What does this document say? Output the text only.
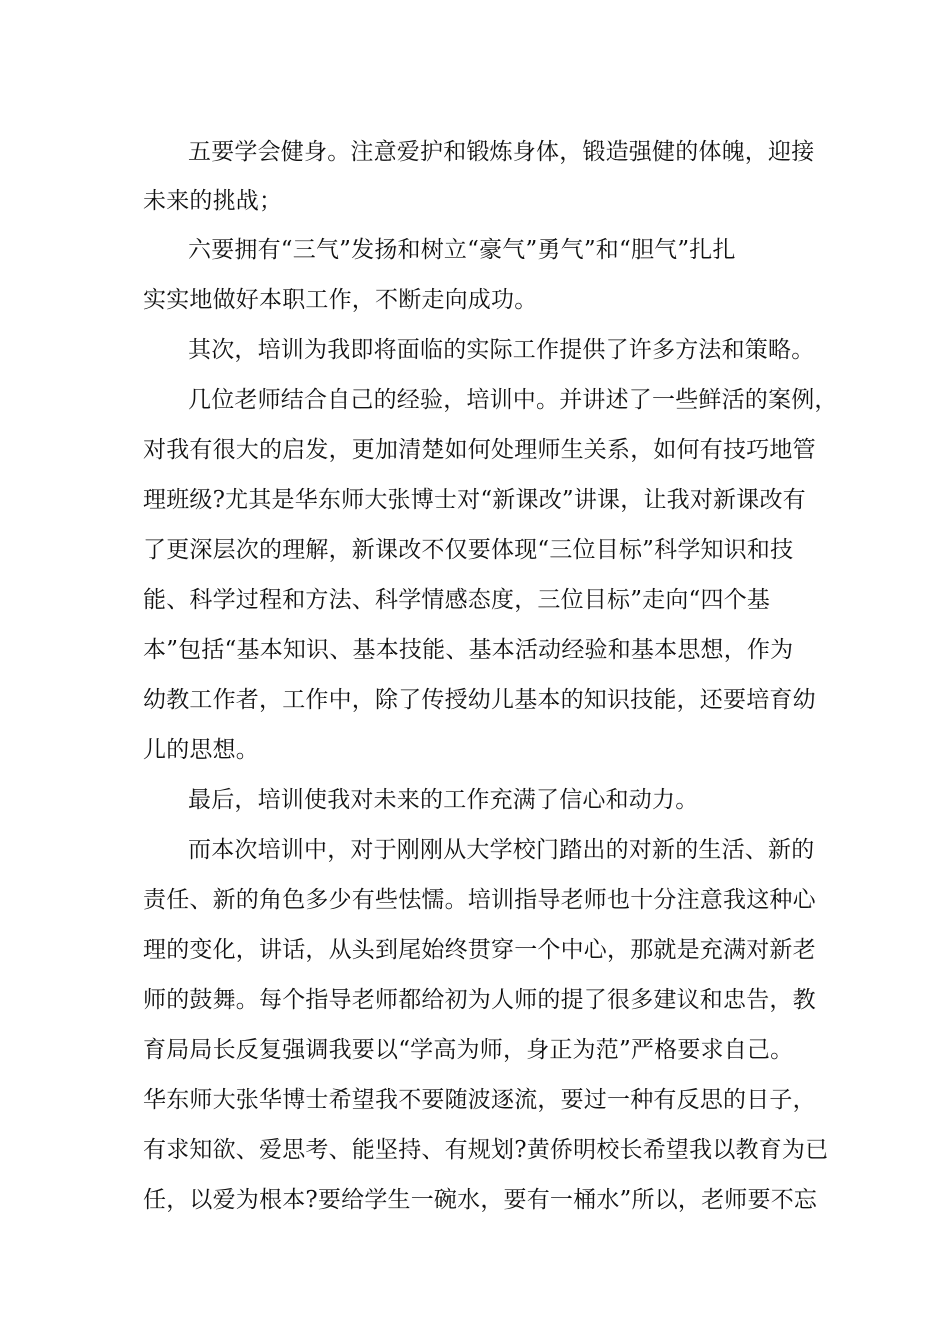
五要学会健身。注意爱护和锻炼身体，锻造强健的体魄，迎接

未来的挑战；

六要拥有“三气”发扬和树立“豪气”勇气”和“胆气”扎扎

实实地做好本职工作，不断走向成功。

其次，培训为我即将面临的实际工作提供了许多方法和策略。

几位老师结合自己的经验，培训中。并讲述了一些鲜活的案例，

对我有很大的启发，更加清楚如何处理师生关系，如何有技巧地管

理班级?尤其是华东师大张博士对“新课改”讲课，让我对新课改有

了更深层次的理解，新课改不仅要体现“三位目标”科学知识和技

能、科学过程和方法、科学情感态度，三位目标”走向“四个基

本”包括“基本知识、基本技能、基本活动经验和基本思想，作为

幼教工作者，工作中，除了传授幼儿基本的知识技能，还要培育幼

儿的思想。

最后，培训使我对未来的工作充满了信心和动力。

而本次培训中，对于刚刚从大学校门踏出的对新的生活、新的

责任、新的角色多少有些怯懦。培训指导老师也十分注意我这种心

理的变化，讲话，从头到尾始终贯穿一个中心，那就是充满对新老

师的鼓舞。每个指导老师都给初为人师的提了很多建议和忠告，教

育局局长反复强调我要以“学高为师，身正为范”严格要求自己。

华东师大张华博士希望我不要随波逐流，要过一种有反思的日子，

有求知欲、爱思考、能坚持、有规划?黄侨明校长希望我以教育为已

任，以爱为根本?要给学生一碗水，要有一桶水”所以，老师要不忘
